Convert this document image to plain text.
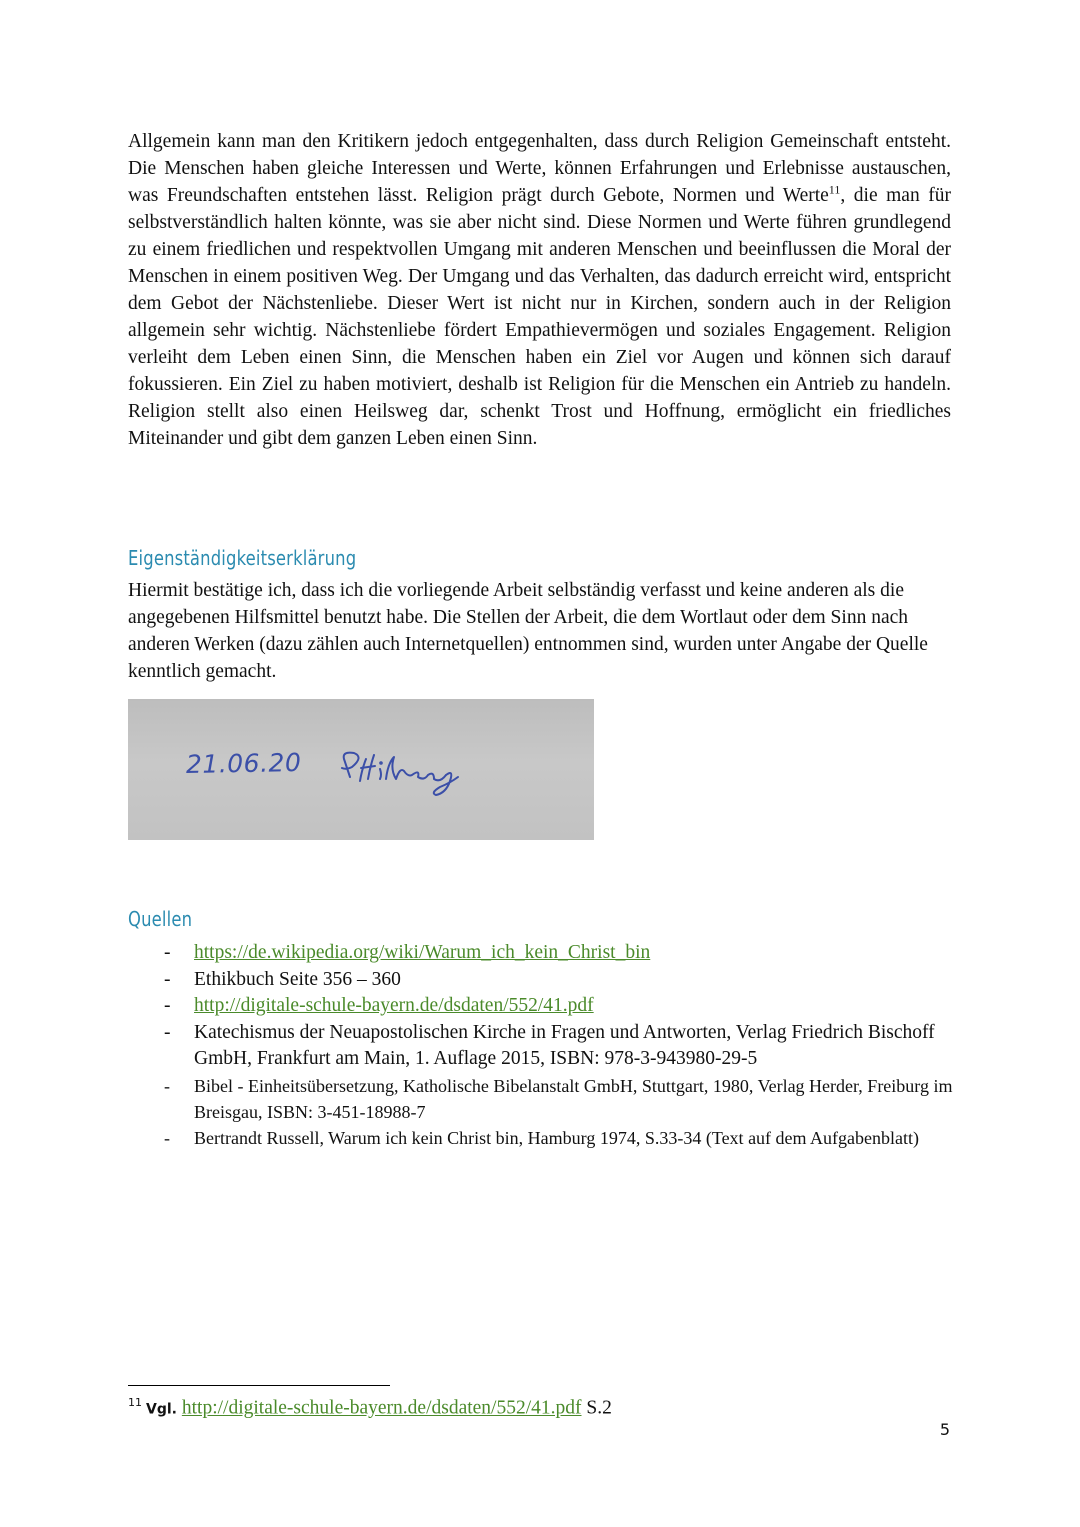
Allgemein kann man den Kritikern jedoch entgegenhalten, dass durch Religion Gemeinschaft entsteht. Die Menschen haben gleiche Interessen und Werte, können Erfahrungen und Erlebnisse austauschen, was Freundschaften entstehen lässt. Religion prägt durch Gebote, Normen und Werte$^{11}$, die man für selbstverständlich halten könnte, was sie aber nicht sind. Diese Normen und Werte führen grundlegend zu einem friedlichen und respektvollen Umgang mit anderen Menschen und beeinflussen die Moral der Menschen in einem positiven Weg. Der Umgang und das Verhalten, das dadurch erreicht wird, entspricht dem Gebot der Nächstenliebe. Dieser Wert ist nicht nur in Kirchen, sondern auch in der Religion allgemein sehr wichtig. Nächstenliebe fördert Empathievermögen und soziales Engagement. Religion verleiht dem Leben einen Sinn, die Menschen haben ein Ziel vor Augen und können sich darauf fokussieren. Ein Ziel zu haben motiviert, deshalb ist Religion für die Menschen ein Antrieb zu handeln. Religion stellt also einen Heilsweg dar, schenkt Trost und Hoffnung, ermöglicht ein friedliches Miteinander und gibt dem ganzen Leben einen Sinn.

Eigenständigkeitserklärung

Hiermit bestätige ich, dass ich die vorliegende Arbeit selbständig verfasst und keine anderen als die angegebenen Hilfsmittel benutzt habe. Die Stellen der Arbeit, die dem Wortlaut oder dem Sinn nach anderen Werken (dazu zählen auch Internetquellen) entnommen sind, wurden unter Angabe der Quelle kenntlich gemacht.

21.06.20
Quellen
- https://de.wikipedia.org/wiki/Warum_ich_kein_Christ_bin
- Ethikbuch Seite 356 – 360
- http://digitale-schule-bayern.de/dsdaten/552/41.pdf
- Katechismus der Neuapostolischen Kirche in Fragen und Antworten, Verlag Friedrich Bischoff GmbH, Frankfurt am Main, 1. Auflage 2015, ISBN: 978-3-943980-29-5
- Bibel - Einheitsübersetzung, Katholische Bibelanstalt GmbH, Stuttgart, 1980, Verlag Herder, Freiburg im Breisgau, ISBN: 3-451-18988-7
- Bertrandt Russell, Warum ich kein Christ bin, Hamburg 1974, S.33-34 (Text auf dem Aufgabenblatt)
$^{11}$ Vgl. http://digitale-schule-bayern.de/dsdaten/552/41.pdf S.2
5
